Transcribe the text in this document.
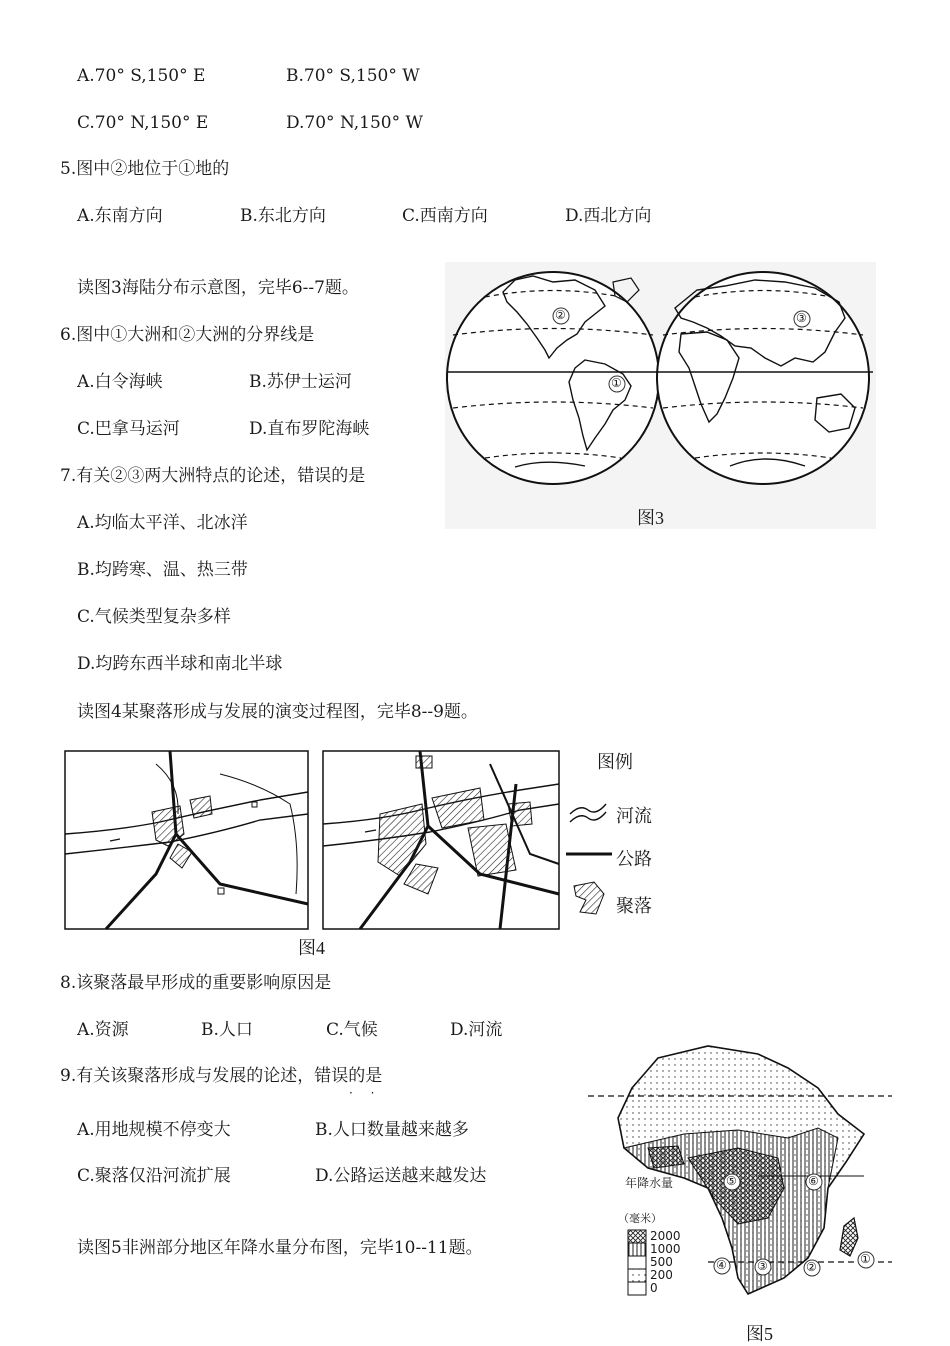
A.70° S,150° E	B.70° S,150° W
C.70° N,150° E	D.70° N,150° W
5.图中②地位于①地的
A.东南方向	B.东北方向	C.西南方向	D.西北方向
读图3海陆分布示意图，完毕6--7题。
6.图中①大洲和②大洲的分界线是
A.白令海峡	B.苏伊士运河
C.巴拿马运河	D.直布罗陀海峡
7.有关②③两大洲特点的论述，错误的是
A.均临太平洋、北冰洋
B.均跨寒、温、热三带
C.气候类型复杂多样
D.均跨东西半球和南北半球
读图4某聚落形成与发展的演变过程图，完毕8--9题。
8.该聚落最早形成的重要影响原因是
A.资源	B.人口	C.气候	D.河流
9.有关该聚落形成与发展的论述，错误的是
· ·
A.用地规模不停变大	B.人口数量越来越多
C.聚落仅沿河流扩展	D.公路运送越来越发达
读图5非洲部分地区年降水量分布图，完毕10--11题。
②	③
①
图3
图例
河流
公路
聚落
图4
年降水量
（毫米）
2000
1000
500
200
0
⑤	⑥
④	③	②
①
图5
